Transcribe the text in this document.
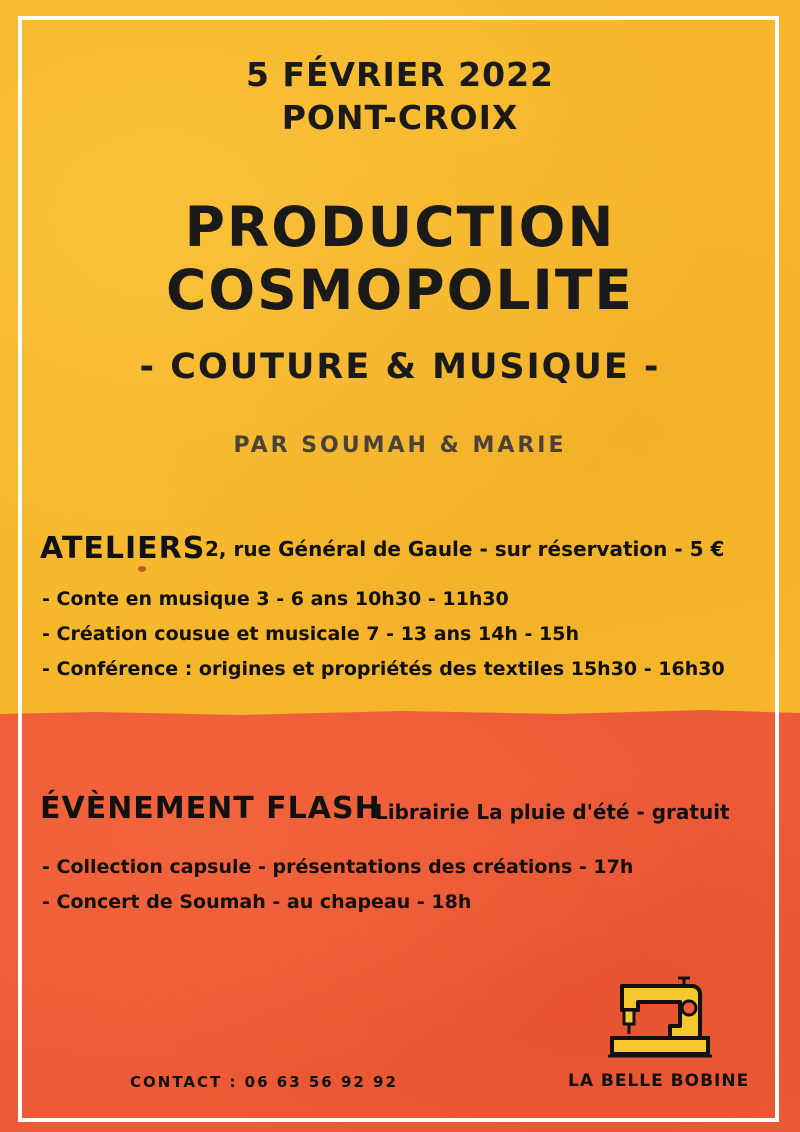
5 FÉVRIER 2022
PONT-CROIX
PRODUCTION
COSMOPOLITE
- COUTURE & MUSIQUE -
PAR SOUMAH & MARIE
ATELIERS 2, rue Général de Gaule - sur réservation - 5 €
- Conte en musique 3 - 6 ans 10h30 - 11h30
- Création cousue et musicale 7 - 13 ans 14h - 15h
- Conférence : origines et propriétés des textiles 15h30 - 16h30
ÉVÈNEMENT FLASH
Librairie La pluie d'été - gratuit
- Collection capsule - présentations des créations - 17h
- Concert de Soumah - au chapeau - 18h
CONTACT : 06 63 56 92 92	LA BELLE BOBINE
